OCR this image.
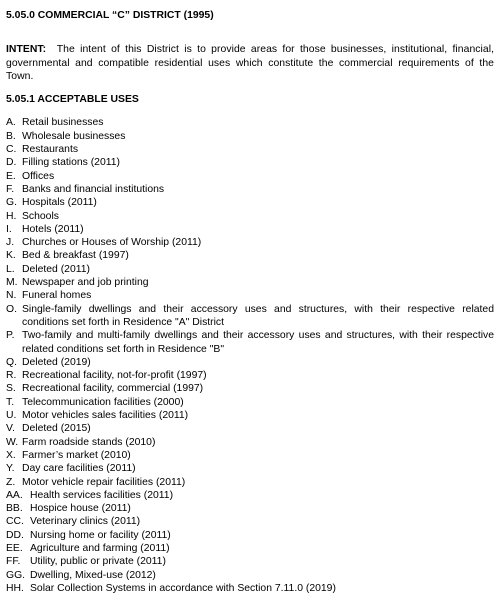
5.05.0 COMMERCIAL “C” DISTRICT (1995)

INTENT: The intent of this District is to provide areas for those businesses, institutional, financial, governmental and compatible residential uses which constitute the commercial requirements of the Town.

5.05.1 ACCEPTABLE USES

A. Retail businesses
B. Wholesale businesses
C. Restaurants
D. Filling stations (2011)
E. Offices
F. Banks and financial institutions
G. Hospitals (2011)
H. Schools
I. Hotels (2011)
J. Churches or Houses of Worship (2011)
K. Bed & breakfast (1997)
L. Deleted (2011)
M. Newspaper and job printing
N. Funeral homes
O. Single-family dwellings and their accessory uses and structures, with their respective related conditions set forth in Residence "A" District
P. Two-family and multi-family dwellings and their accessory uses and structures, with their respective related conditions set forth in Residence "B"
Q. Deleted (2019)
R. Recreational facility, not-for-profit (1997)
S. Recreational facility, commercial (1997)
T. Telecommunication facilities (2000)
U. Motor vehicles sales facilities (2011)
V. Deleted (2015)
W. Farm roadside stands (2010)
X. Farmer’s market (2010)
Y. Day care facilities (2011)
Z. Motor vehicle repair facilities (2011)
AA. Health services facilities (2011)
BB. Hospice house (2011)
CC. Veterinary clinics (2011)
DD. Nursing home or facility (2011)
EE. Agriculture and farming (2011)
FF. Utility, public or private (2011)
GG. Dwelling, Mixed-use (2012)
HH. Solar Collection Systems in accordance with Section 7.11.0 (2019)
